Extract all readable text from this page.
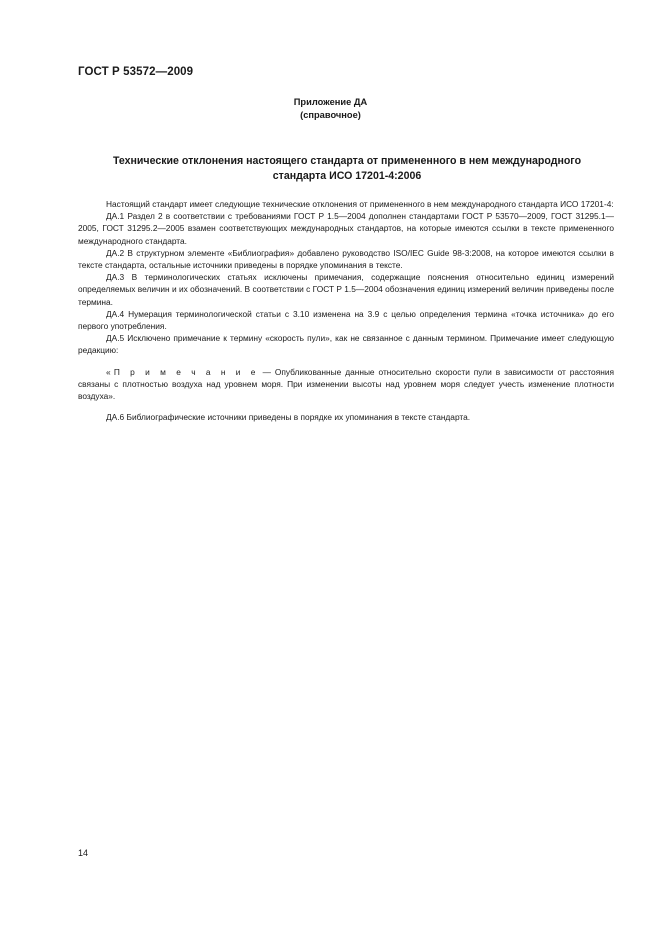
ГОСТ Р 53572—2009
Приложение ДА
(справочное)
Технические отклонения настоящего стандарта от примененного в нем международного
стандарта ИСО 17201-4:2006

Настоящий стандарт имеет следующие технические отклонения от примененного в нем международного стандарта ИСО 17201-4:

ДА.1 Раздел 2 в соответствии с требованиями ГОСТ Р 1.5—2004 дополнен стандартами ГОСТ Р 53570—2009, ГОСТ 31295.1—2005, ГОСТ 31295.2—2005 взамен соответствующих международных стандартов, на которые имеются ссылки в тексте примененного международного стандарта.

ДА.2 В структурном элементе «Библиография» добавлено руководство ISO/IEC Guide 98-3:2008, на которое имеются ссылки в тексте стандарта, остальные источники приведены в порядке упоминания в тексте.

ДА.3 В терминологических статьях исключены примечания, содержащие пояснения относительно единиц измерений определяемых величин и их обозначений. В соответствии с ГОСТ Р 1.5—2004 обозначения единиц измерений величин приведены после термина.

ДА.4 Нумерация терминологической статьи с 3.10 изменена на 3.9 с целью определения термина «точка источника» до его первого употребления.

ДА.5 Исключено примечание к термину «скорость пули», как не связанное с данным термином. Примечание имеет следующую редакцию:

«П р и м е ч а н и е — Опубликованные данные относительно скорости пули в зависимости от расстояния связаны с плотностью воздуха над уровнем моря. При изменении высоты над уровнем моря следует учесть изменение плотности воздуха».

ДА.6 Библиографические источники приведены в порядке их упоминания в тексте стандарта.

14
